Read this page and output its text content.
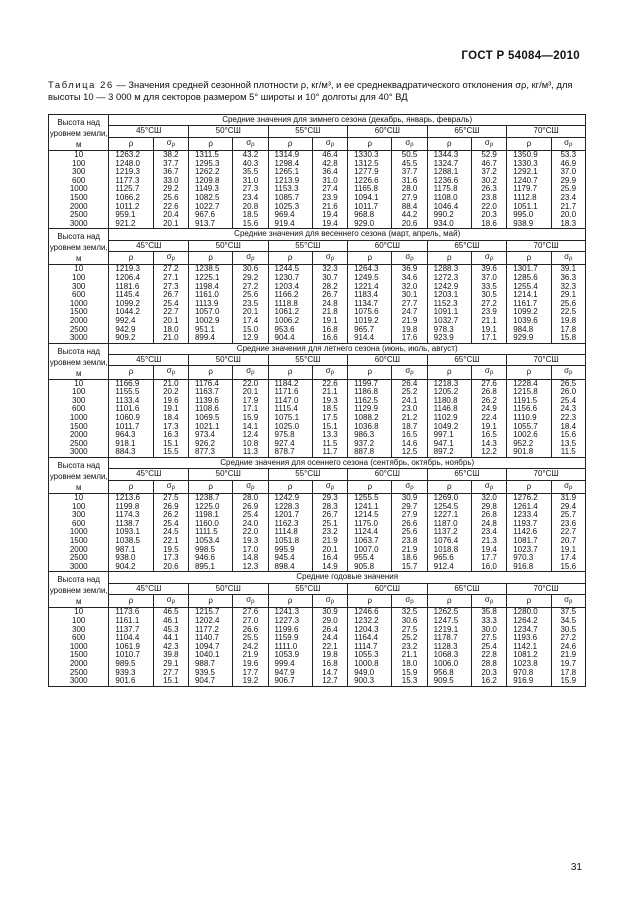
ГОСТ Р 54084—2010
Таблица 26 — Значения средней сезонной плотности ρ, кг/м³, и ее среднеквадратического отклонения σρ, кг/м³, для высоты 10 — 3 000 м для секторов размером 5° широты и 10° долготы для 40° ВД
Высота над уровнем земли, м	Средние значения для зимнего сезона (декабрь, январь, февраль)											
	45°СШ		50°СШ		55°СШ		60°СШ		65°СШ		70°СШ	
	ρ	σρ	ρ	σρ	ρ	σρ	ρ	σρ	ρ	σρ	ρ	σρ
10	1263.2	38.2	1311.5	43.2	1314.9	46.4	1330.3	50.5	1344.3	52.9	1350.9	53.3
100	1248.0	37.7	1295.3	40.3	1298.4	42.8	1312.5	45.5	1324.7	46.7	1330.3	46.9
300	1219.3	36.7	1262.2	35.5	1265.1	36.4	1277.9	37.7	1288.1	37.2	1292.1	37.0
600	1177.3	33.0	1209.8	31.0	1213.9	31.0	1226.6	31.6	1236.6	30.2	1240.7	29.9
1000	1125.7	29.2	1149.3	27.3	1153.3	27.4	1165.8	28.0	1175.8	26.3	1179.7	25.9
1500	1066.2	25.6	1082.5	23.4	1085.7	23.9	1094.1	27.9	1108.0	23.8	1112.8	23.4
2000	1011.2	22.6	1022.7	20.8	1025.3	21.6	1011.7	88.4	1046.4	22.0	1051.1	21.7
2500	959.1	20.4	967.6	18.5	969.4	19.4	968.8	44.2	990.2	20.3	995.0	20.0
3000	921.2	20.1	913.7	15.6	919.4	19.4	929.0	20.6	934.0	18.6	938.9	18.3
Высота над уровнем земли, м	Средние значения для весеннего сезона (март, апрель, май)											
	45°СШ		50°СШ		55°СШ		60°СШ		65°СШ		70°СШ	
	ρ	σρ	ρ	σρ	ρ	σρ	ρ	σρ	ρ	σρ	ρ	σρ
10	1219.3	27.2	1238.5	30.6	1244.5	32.3	1264.3	36.9	1288.3	39.6	1301.7	39.1
100	1206.4	27.1	1225.1	29.2	1230.7	30.7	1249.5	34.6	1272.3	37.0	1285.6	36.3
300	1181.6	27.3	1198.4	27.2	1203.4	28.2	1221.4	32.0	1242.9	33.5	1255.4	32.3
600	1145.4	26.7	1161.0	25.6	1166.2	26.7	1183.4	30.1	1203.1	30.5	1214.1	29.1
1000	1099.2	25.4	1113.9	23.5	1118.8	24.8	1134.7	27.7	1152.3	27.2	1161.7	25.6
1500	1044.2	22.7	1057.0	20.1	1061.2	21.8	1075.6	24.7	1091.1	23.9	1099.2	22.5
2000	992.4	20.1	1002.9	17.4	1006.2	19.1	1019.2	21.9	1032.7	21.1	1039.6	19.8
2500	942.9	18.0	951.1	15.0	953.6	16.8	965.7	19.8	978.3	19.1	984.8	17.8
3000	909.2	21.0	899.4	12.9	904.4	16.6	914.4	17.6	923.9	17.1	929.9	15.8
Высота над уровнем земли, м	Средние значения для летнего сезона (июнь, июль, август)											
	45°СШ		50°СШ		55°СШ		60°СШ		65°СШ		70°СШ	
	ρ	σρ	ρ	σρ	ρ	σρ	ρ	σρ	ρ	σρ	ρ	σρ
10	1166.9	21.0	1176.4	22.0	1184.2	22.6	1199.7	26.4	1218.3	27.6	1228.4	26.5
100	1155.5	20.2	1163.7	20.1	1171.6	21.1	1186.8	25.2	1205.2	26.8	1215.8	26.0
300	1133.4	19.6	1139.6	17.9	1147.0	19.3	1162.5	24.1	1180.8	26.2	1191.5	25.4
600	1101.6	19.1	1108.6	17.1	1115.4	18.5	1129.9	23.0	1146.8	24.9	1156.6	24.3
1000	1060.9	18.4	1069.5	15.9	1075.1	17.5	1088.2	21.2	1102.9	22.4	1110.9	22.3
1500	1011.7	17.3	1021.1	14.1	1025.0	15.1	1036.8	18.7	1049.2	19.1	1055.7	18.4
2000	964.3	16.3	973.4	12.4	975.8	13.3	986.3	16.5	997.1	16.5	1002.6	15.6
2500	918.1	15.1	926.2	10.8	927.4	11.5	937.2	14.6	947.1	14.3	952.2	13.5
3000	884.3	15.5	877.3	11.3	878.7	11.7	887.8	12.5	897.2	12.2	901.8	11.5
Высота над уровнем земли, м	Средние значения для осеннего сезона (сентябрь, октябрь, ноябрь)											
	45°СШ		50°СШ		55°СШ		60°СШ		65°СШ		70°СШ	
	ρ	σρ	ρ	σρ	ρ	σρ	ρ	σρ	ρ	σρ	ρ	σρ
10	1213.6	27.5	1238.7	28.0	1242.9	29.3	1255.5	30.9	1269.0	32.0	1276.2	31.9
100	1199.8	26.9	1225.0	26.9	1228.3	28.3	1241.1	29.7	1254.5	29.8	1261.4	29.4
300	1174.3	26.2	1198.1	25.4	1201.7	26.7	1214.5	27.9	1227.1	26.8	1233.4	25.7
600	1138.7	25.4	1160.0	24.0	1162.3	25.1	1175.0	26.6	1187.0	24.8	1193.7	23.6
1000	1093.1	24.5	1111.5	22.0	1114.8	23.2	1124.4	25.6	1137.2	23.4	1142.6	22.7
1500	1038.5	22.1	1053.4	19.3	1051.8	21.9	1063.7	23.8	1076.4	21.3	1081.7	20.7
2000	987.1	19.5	998.5	17.0	995.9	20.1	1007.0	21.9	1018.8	19.4	1023.7	19.1
2500	938.0	17.3	946.6	14.8	945.4	16.4	955.4	18.6	965.6	17.7	970.3	17.4
3000	904.2	20.6	895.1	12.3	898.4	14.9	905.8	15.7	912.4	16.0	916.8	15.6
Высота над уровнем земли, м	Средние годовые значения											
	45°СШ		50°СШ		55°СШ		60°СШ		65°СШ		70°СШ	
	ρ	σρ	ρ	σρ	ρ	σρ	ρ	σρ	ρ	σρ	ρ	σρ
10	1173.6	46.5	1215.7	27.6	1241.3	30.9	1246.6	32.5	1262.5	35.8	1280.0	37.5
100	1161.1	46.1	1202.4	27.0	1227.3	29.0	1232.2	30.6	1247.5	33.3	1264.2	34.5
300	1137.7	45.3	1177.2	26.6	1199.6	26.4	1204.3	27.5	1219.1	30.0	1234.7	30.5
600	1104.4	44.1	1140.7	25.5	1159.9	24.4	1164.4	25.2	1178.7	27.5	1193.6	27.2
1000	1061.9	42.3	1094.7	24.2	1111.0	22.1	1114.7	23.2	1128.3	25.4	1142.1	24.6
1500	1010.7	39.8	1040.1	21.9	1053.9	19.8	1055.3	21.1	1068.3	22.8	1081.2	21.9
2000	989.5	29.1	988.7	19.6	999.4	16.8	1000.8	18.0	1006.0	28.8	1023.8	19.7
2500	939.3	27.7	939.5	17.7	947.9	14.7	949.0	15.9	956.8	20.3	970.8	17.8
3000	901.6	15.1	904.7	19.2	906.7	12.7	900.3	15.3	909.5	16.2	916.9	15.9
31
